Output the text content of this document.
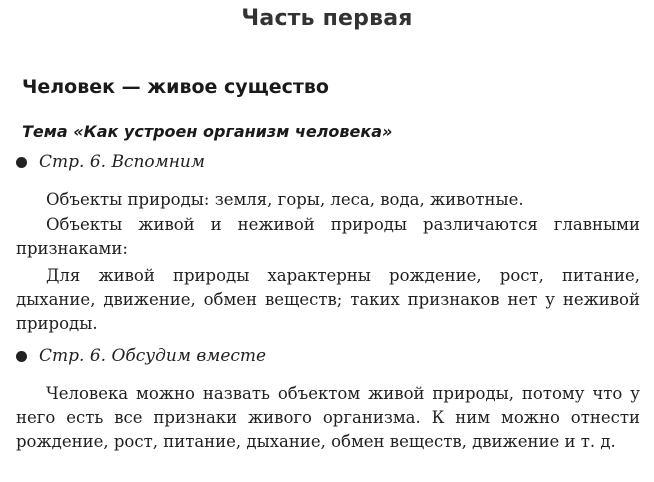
Часть первая
Человек — живое существо
Тема «Как устроен организм человека»
Стр. 6. Вспомним
Объекты природы: земля, горы, леса, вода, животные.
Объекты живой и неживой природы различаются главными признаками:
Для живой природы характерны рождение, рост, питание, дыхание, движение, обмен веществ; таких признаков нет у неживой природы.
Стр. 6. Обсудим вместе
Человека можно назвать объектом живой природы, потому что у него есть все признаки живого организма. К ним можно отнести рождение, рост, питание, дыхание, обмен веществ, движение и т. д.
